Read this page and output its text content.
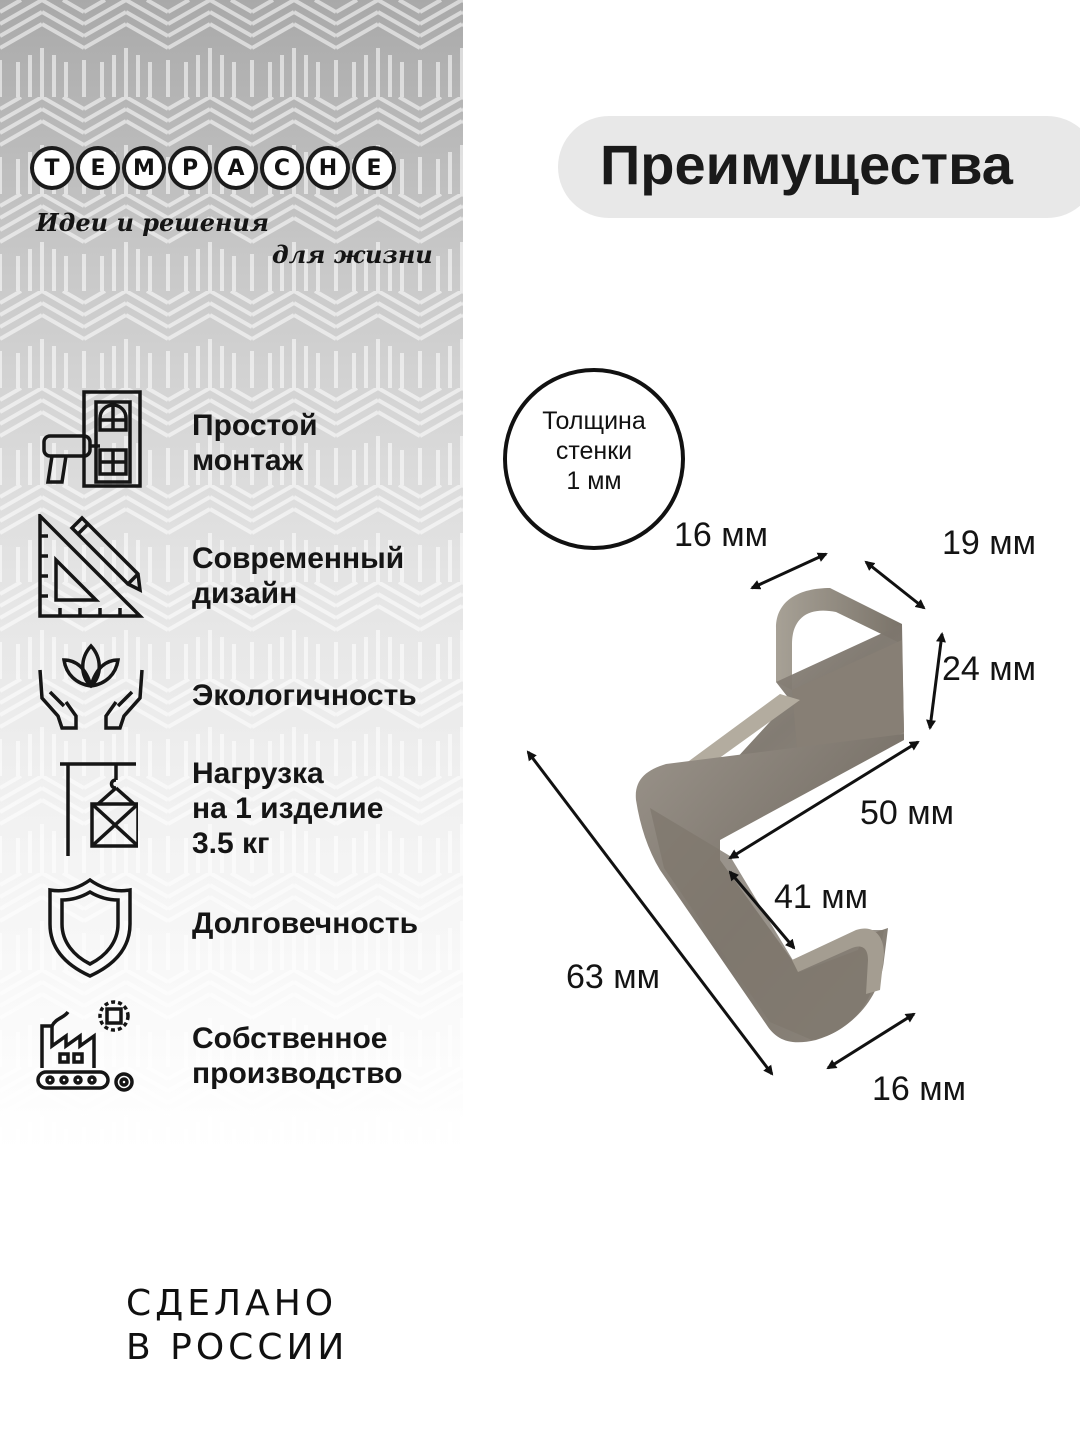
Т	Е	М	Р	А	С	Н	Е
Идеи и решения
для жизни
Простой
монтаж
Современный
дизайн
Экологичность
Нагрузка
на 1 изделие
3.5 кг
Долговечность
Собственное
производство
СДЕЛАНО
В РОССИИ
Преимущества
Толщина
стенки
1 мм
16 мм	19 мм
24 мм
50 мм
41 мм
63 мм
16 мм
